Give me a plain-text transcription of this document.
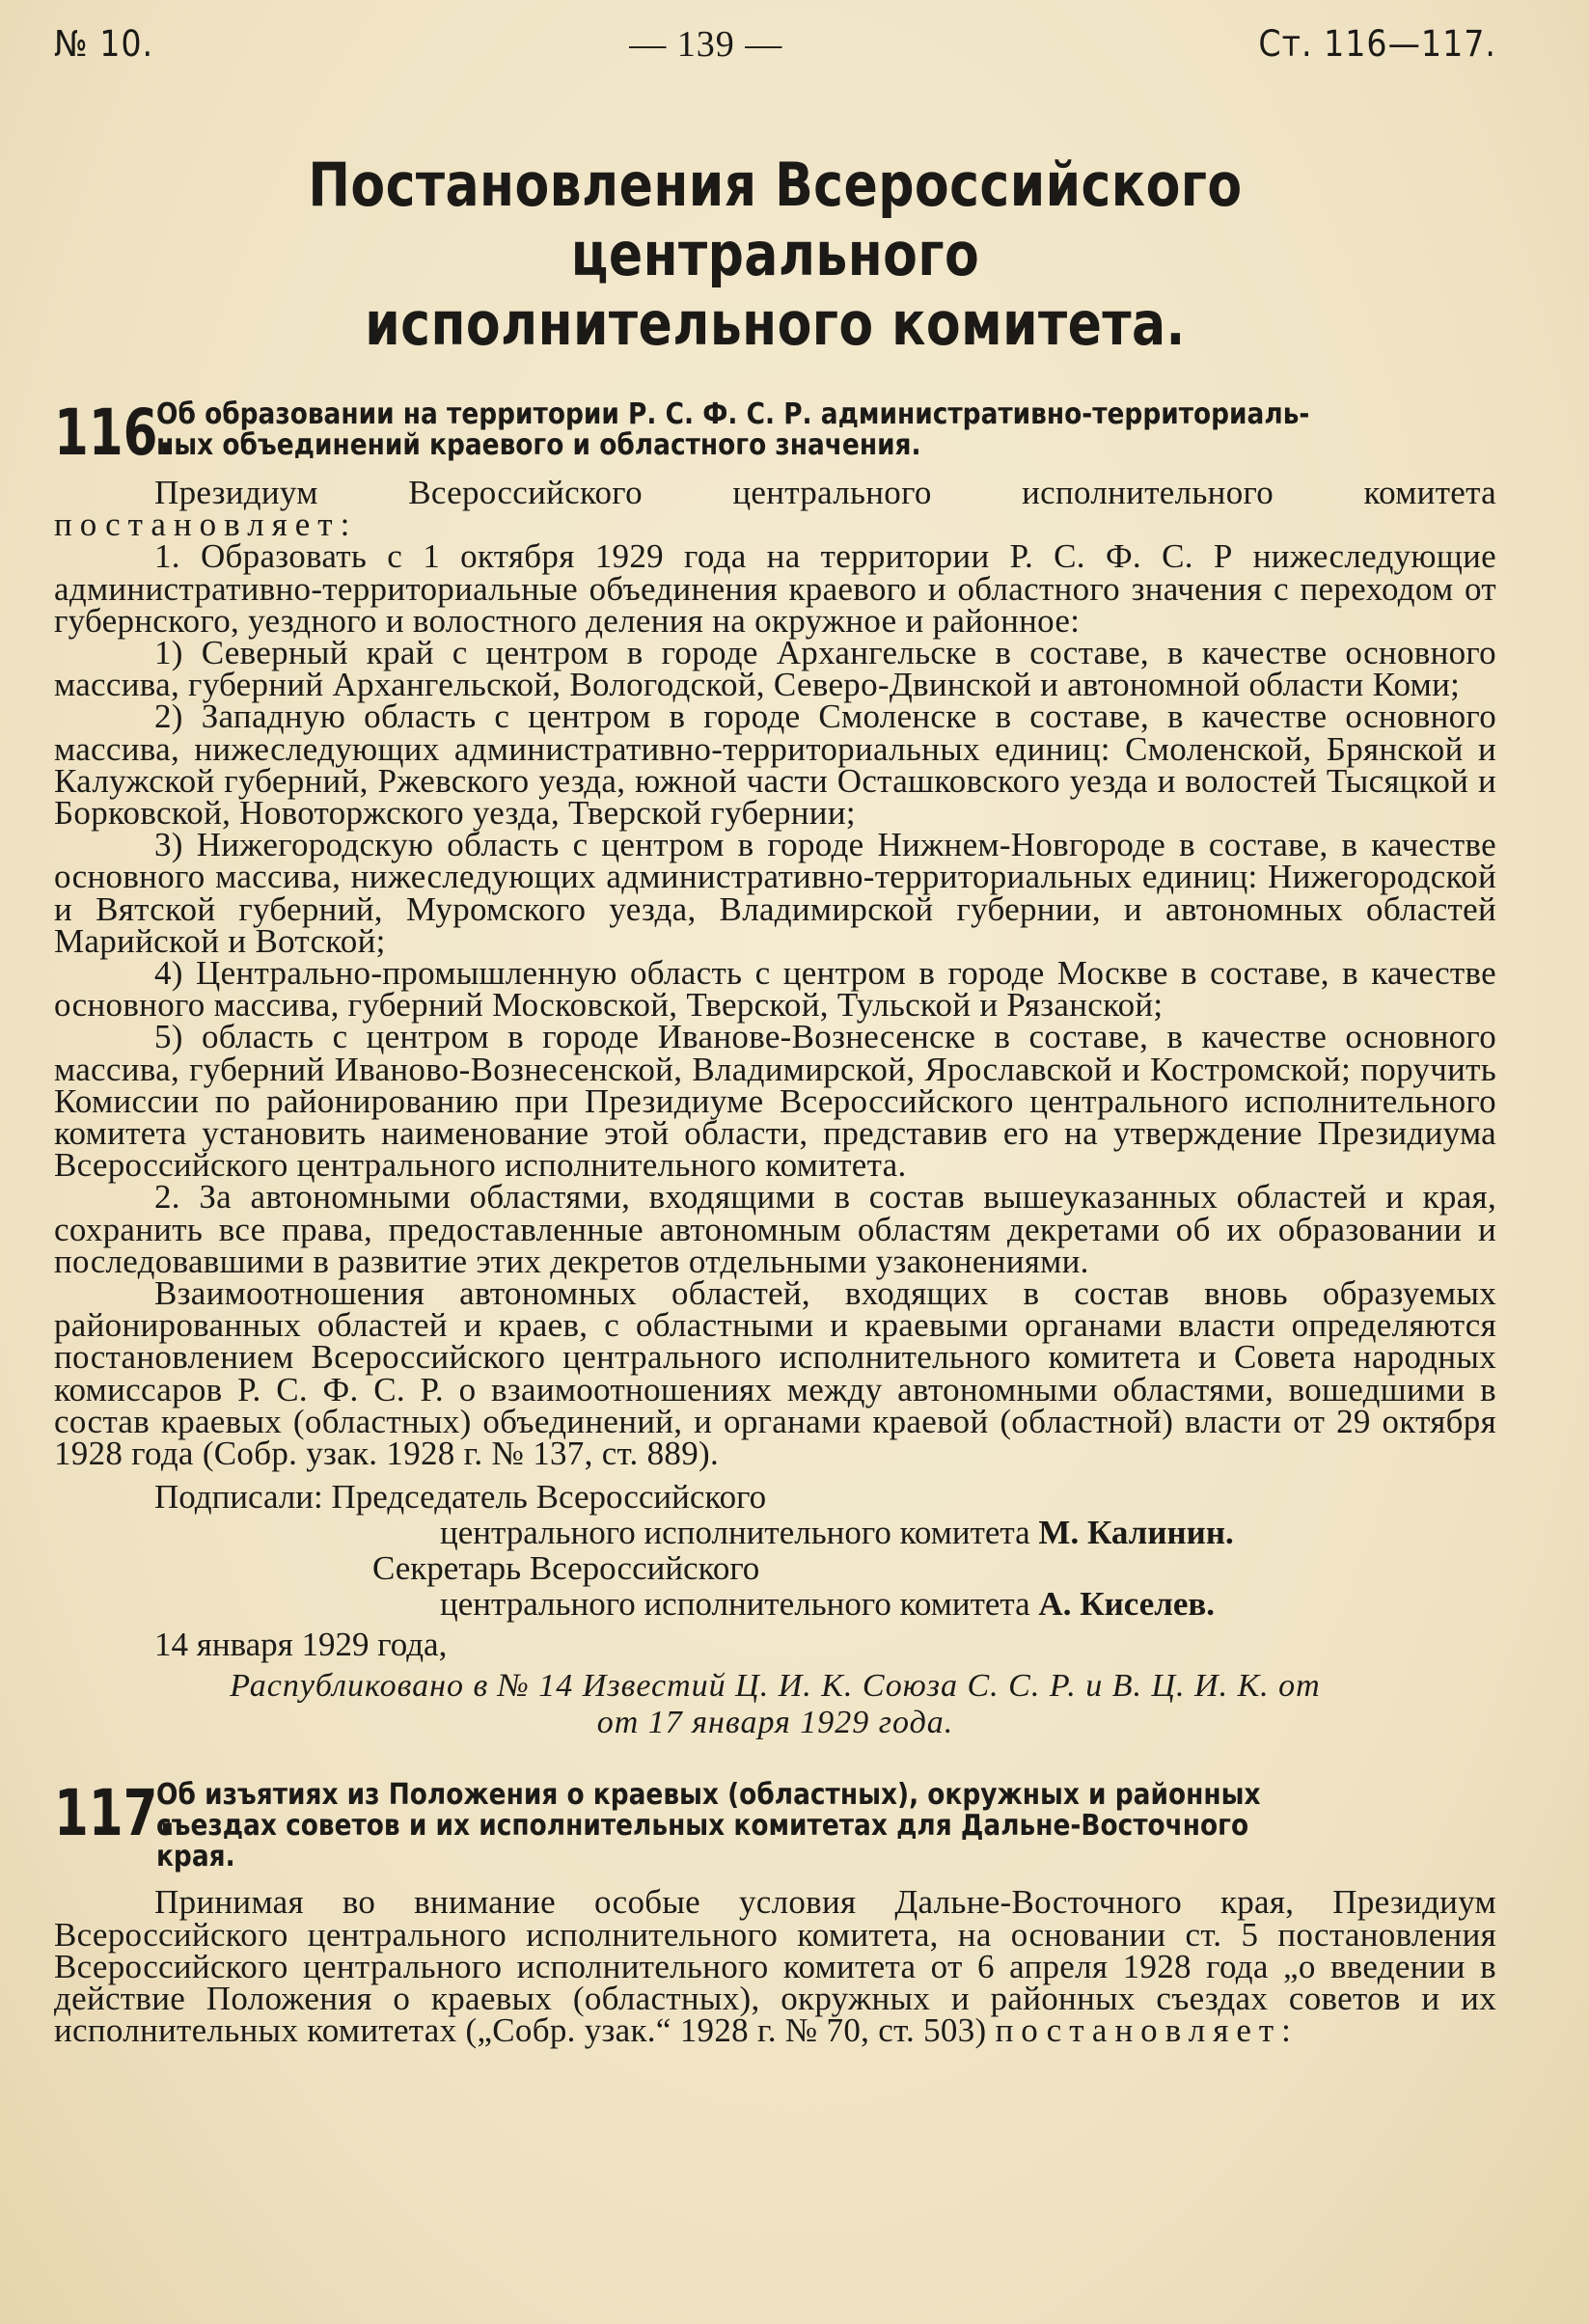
№ 10.	— 139 —	Ст. 116—117.
Постановления Всероссийского центрального
исполнительного комитета.
116.
Об образовании на территории Р. С. Ф. С. Р. административно-территориаль-
ных объединений краевого и областного значения.

Президиум Всероссийского центрального исполнительного комитета

постановляет:

1. Образовать с 1 октября 1929 года на территории Р. С. Ф. С. Р нижеследующие административно-территориальные объединения краевого и областного значения с переходом от губернского, уездного и волостного деления на окружное и районное:

1) Северный край с центром в городе Архангельске в составе, в качестве основного массива, губерний Архангельской, Вологодской, Северо-Двинской и автономной области Коми;

2) Западную область с центром в городе Смоленске в составе, в качестве основного массива, нижеследующих административно-территориальных единиц: Смоленской, Брянской и Калужской губерний, Ржевского уезда, южной части Осташковского уезда и волостей Тысяцкой и Борковской, Новоторжского уезда, Тверской губернии;

3) Нижегородскую область с центром в городе Нижнем-Новгороде в составе, в качестве основного массива, нижеследующих административно-территориальных единиц: Нижегородской и Вятской губерний, Муромского уезда, Владимирской губернии, и автономных областей Марийской и Вотской;

4) Центрально-промышленную область с центром в городе Москве в составе, в качестве основного массива, губерний Московской, Тверской, Тульской и Рязанской;

5) область с центром в городе Иванове-Вознесенске в составе, в качестве основного массива, губерний Иваново-Вознесенской, Владимирской, Ярославской и Костромской; поручить Комиссии по районированию при Президиуме Всероссийского центрального исполнительного комитета установить наименование этой области, представив его на утверждение Президиума Всероссийского центрального исполнительного комитета.

2. За автономными областями, входящими в состав вышеуказанных областей и края, сохранить все права, предоставленные автономным областям декретами об их образовании и последовавшими в развитие этих декретов отдельными узаконениями.

Взаимоотношения автономных областей, входящих в состав вновь образуемых районированных областей и краев, с областными и краевыми органами власти определяются постановлением Всероссийского центрального исполнительного комитета и Совета народных комиссаров Р. С. Ф. С. Р. о взаимоотношениях между автономными областями, вошедшими в состав краевых (областных) объединений, и органами краевой (областной) власти от 29 октября 1928 года (Собр. узак. 1928 г. № 137, ст. 889).

Подписали: Председатель Всероссийского
центрального исполнительного комитета М. Калинин.
Секретарь Всероссийского
центрального исполнительного комитета А. Киселев.
14 января 1929 года,
Распубликовано в № 14 Известий Ц. И. К. Союза С. С. Р. и В. Ц. И. К. от
от 17 января 1929 года.
117.
Об изъятиях из Положения о краевых (областных), окружных и районных
съездах советов и их исполнительных комитетах для Дальне-Восточного края.

Принимая во внимание особые условия Дальне-Восточного края, Президиум Всероссийского центрального исполнительного комитета, на основании ст. 5 постановления Всероссийского центрального исполнительного комитета от 6 апреля 1928 года „о введении в действие Положения о краевых (областных), окружных и районных съездах советов и их исполнительных комитетах („Собр. узак.“ 1928 г. № 70, ст. 503) постановляет:
